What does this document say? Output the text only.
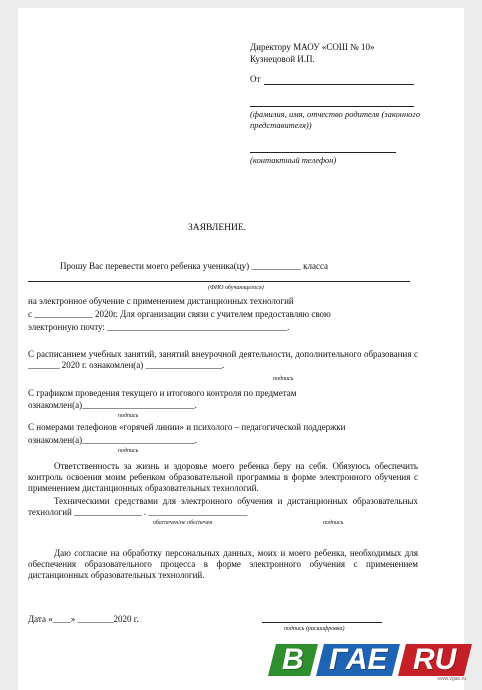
Директору МАОУ «СОШ № 10»
Кузнецовой И.П.
От
(фамилия, имя, отчество родителя (законного представителя))
(контактный телефон)
ЗАЯВЛЕНИЕ.
Прошу Вас перевести моего ребенка ученика(цу) ___________ класса
(ФИО обучающегося)
на электронное обучение с применением дистанционных технологий
с _____________ 2020г. Для организации связи с учителем предоставляю свою
электронную почту: ________________________________________.
С расписанием учебных занятий, занятий внеурочной деятельности, дополнительного образования с _______ 2020 г. ознакомлен(а) _________________.
подпись
С графиком проведения текущего и итогового контроля по предметам
ознакомлен(а)_________________________.
подпись
С номерами телефонов «горячей линии» и психолого – педагогической поддержки
ознакомлен(а)_________________________.
подпись
Ответственность за жизнь и здоровье моего ребенка беру на себя. Обязуюсь обеспечить контроль освоения моим ребенком образовательной программы в форме электронного обучения с применением дистанционных образовательных технологий.
Техническими средствами для электронного обучения и дистанционных образовательных технологий _______________ . ______________________
обеспечен/не обеспечен	подпись
Даю согласие на обработку персональных данных, моих и моего ребенка, необходимых для обеспечения образовательного процесса в форме электронного обучения с применением дистанционных образовательных технологий.
Дата «____» ________2020 г.
подпись (расшифровка)
В ГАЕ RU
www.vgae.ru
